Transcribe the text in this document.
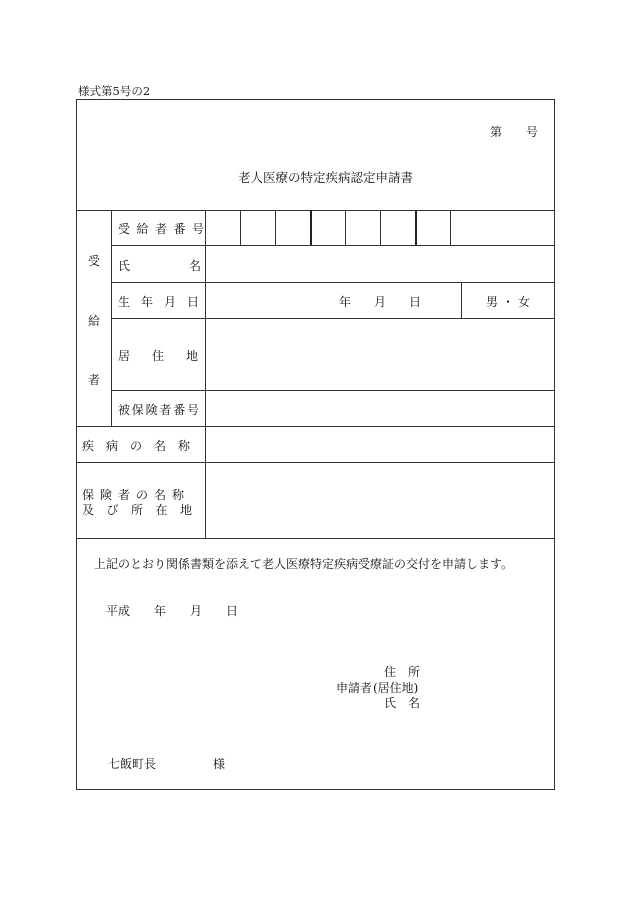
様式第5号の2
第 号
老人医療の特定疾病認定申請書
受
給
者
受給者番号
氏	名
生年月日	年 月 日	男・女
居住地
被保険者番号
疾病の名称
保険者の名称
及び所在地
上記のとおり関係書類を添えて老人医療特定疾病受療証の交付を申請します。
平成 年 月 日
住　所
申請者 (居住地)
氏　名
七飯町長	様
